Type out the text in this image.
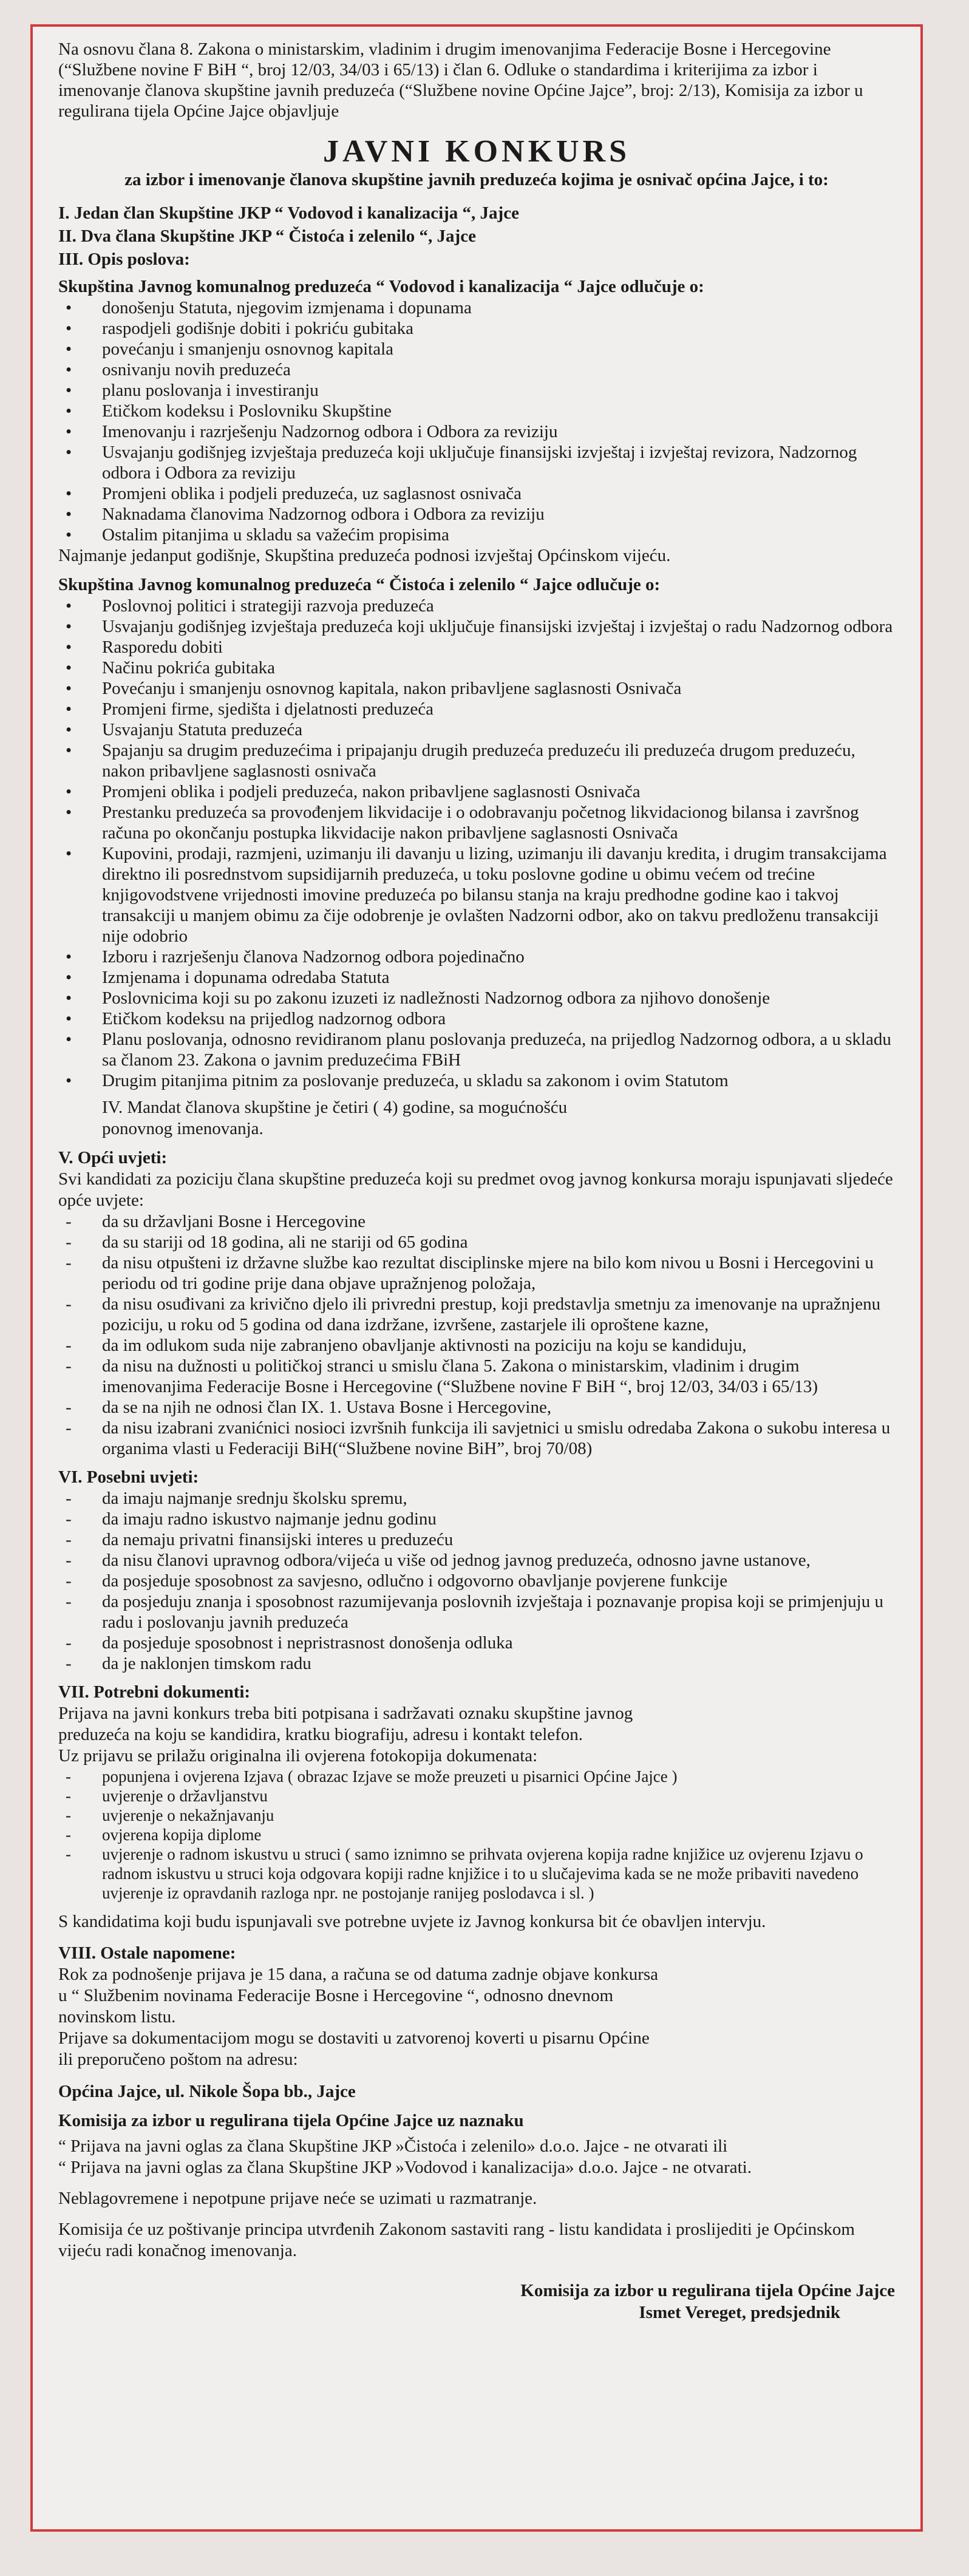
Na osnovu člana 8. Zakona o ministarskim, vladinim i drugim imenovanjima Federacije Bosne i Hercegovine (“Službene novine F BiH “, broj 12/03, 34/03 i 65/13) i član 6. Odluke o standardima i kriterijima za izbor i imenovanje članova skupštine javnih preduzeća (“Službene novine Općine Jajce”, broj: 2/13), Komisija za izbor u regulirana tijela Općine Jajce objavljuje

JAVNI KONKURS
za izbor i imenovanje članova skupštine javnih preduzeća kojima je osnivač općina Jajce, i to:
I. Jedan član Skupštine JKP “ Vodovod i kanalizacija “, Jajce
II. Dva člana Skupštine JKP “ Čistoća i zelenilo “, Jajce
III. Opis poslova:
Skupština Javnog komunalnog preduzeća “ Vodovod i kanalizacija “ Jajce odlučuje o:
• donošenju Statuta, njegovim izmjenama i dopunama
• raspodjeli godišnje dobiti i pokriću gubitaka
• povećanju i smanjenju osnovnog kapitala
• osnivanju novih preduzeća
• planu poslovanja i investiranju
• Etičkom kodeksu i Poslovniku Skupštine
• Imenovanju i razrješenju Nadzornog odbora i Odbora za reviziju
• Usvajanju godišnjeg izvještaja preduzeća koji uključuje finansijski izvještaj i izvještaj revizora, Nadzornog odbora i Odbora za reviziju
• Promjeni oblika i podjeli preduzeća, uz saglasnost osnivača
• Naknadama članovima Nadzornog odbora i Odbora za reviziju
• Ostalim pitanjima u skladu sa važećim propisima

Najmanje jedanput godišnje, Skupština preduzeća podnosi izvještaj Općinskom vijeću.

Skupština Javnog komunalnog preduzeća “ Čistoća i zelenilo “ Jajce odlučuje o:
• Poslovnoj politici i strategiji razvoja preduzeća
• Usvajanju godišnjeg izvještaja preduzeća koji uključuje finansijski izvještaj i izvještaj o radu Nadzornog odbora
• Rasporedu dobiti
• Načinu pokrića gubitaka
• Povećanju i smanjenju osnovnog kapitala, nakon pribavljene saglasnosti Osnivača
• Promjeni firme, sjedišta i djelatnosti preduzeća
• Usvajanju Statuta preduzeća
• Spajanju sa drugim preduzećima i pripajanju drugih preduzeća preduzeću ili preduzeća drugom preduzeću, nakon pribavljene saglasnosti osnivača
• Promjeni oblika i podjeli preduzeća, nakon pribavljene saglasnosti Osnivača
• Prestanku preduzeća sa provođenjem likvidacije i o odobravanju početnog likvidacionog bilansa i završnog računa po okončanju postupka likvidacije nakon pribavljene saglasnosti Osnivača
• Kupovini, prodaji, razmjeni, uzimanju ili davanju u lizing, uzimanju ili davanju kredita, i drugim transakcijama direktno ili posrednstvom supsidijarnih preduzeća, u toku poslovne godine u obimu većem od trećine knjigovodstvene vrijednosti imovine preduzeća po bilansu stanja na kraju predhodne godine kao i takvoj transakciji u manjem obimu za čije odobrenje je ovlašten Nadzorni odbor, ako on takvu predloženu transakciji nije odobrio
• Izboru i razrješenju članova Nadzornog odbora pojedinačno
• Izmjenama i dopunama odredaba Statuta
• Poslovnicima koji su po zakonu izuzeti iz nadležnosti Nadzornog odbora za njihovo donošenje
• Etičkom kodeksu na prijedlog nadzornog odbora
• Planu poslovanja, odnosno revidiranom planu poslovanja preduzeća, na prijedlog Nadzornog odbora, a u skladu sa članom 23. Zakona o javnim preduzećima FBiH
• Drugim pitanjima pitnim za poslovanje preduzeća, u skladu sa zakonom i ovim Statutom

IV. Mandat članova skupštine je četiri ( 4) godine, sa mogućnošću ponovnog imenovanja.

V. Opći uvjeti:

Svi kandidati za poziciju člana skupštine preduzeća koji su predmet ovog javnog konkursa moraju ispunjavati sljedeće

opće uvjete:

- da su državljani Bosne i Hercegovine
- da su stariji od 18 godina, ali ne stariji od 65 godina
- da nisu otpušteni iz državne službe kao rezultat disciplinske mjere na bilo kom nivou u Bosni i Hercegovini u periodu od tri godine prije dana objave upražnjenog položaja,
- da nisu osuđivani za krivično djelo ili privredni prestup, koji predstavlja smetnju za imenovanje na upražnjenu poziciju, u roku od 5 godina od dana izdržane, izvršene, zastarjele ili oproštene kazne,
- da im odlukom suda nije zabranjeno obavljanje aktivnosti na poziciju na koju se kandiduju,
- da nisu na dužnosti u političkoj stranci u smislu člana 5. Zakona o ministarskim, vladinim i drugim imenovanjima Federacije Bosne i Hercegovine (“Službene novine F BiH “, broj 12/03, 34/03 i 65/13)
- da se na njih ne odnosi član IX. 1. Ustava Bosne i Hercegovine,
- da nisu izabrani zvanićnici nosioci izvršnih funkcija ili savjetnici u smislu odredaba Zakona o sukobu interesa u organima vlasti u Federaciji BiH(“Službene novine BiH”, broj 70/08)
VI. Posebni uvjeti:
- da imaju najmanje srednju školsku spremu,
- da imaju radno iskustvo najmanje jednu godinu
- da nemaju privatni finansijski interes u preduzeću
- da nisu članovi upravnog odbora/vijeća u više od jednog javnog preduzeća, odnosno javne ustanove,
- da posjeduje sposobnost za savjesno, odlučno i odgovorno obavljanje povjerene funkcije
- da posjeduju znanja i sposobnost razumijevanja poslovnih izvještaja i poznavanje propisa koji se primjenjuju u radu i poslovanju javnih preduzeća
- da posjeduje sposobnost i nepristrasnost donošenja odluka
- da je naklonjen timskom radu
VII. Potrebni dokumenti:

Prijava na javni konkurs treba biti potpisana i sadržavati oznaku skupštine javnog preduzeća na koju se kandidira, kratku biografiju, adresu i kontakt telefon.

Uz prijavu se prilažu originalna ili ovjerena fotokopija dokumenata:

- popunjena i ovjerena Izjava ( obrazac Izjave se može preuzeti u pisarnici Općine Jajce )
- uvjerenje o državljanstvu
- uvjerenje o nekažnjavanju
- ovjerena kopija diplome
- uvjerenje o radnom iskustvu u struci ( samo iznimno se prihvata ovjerena kopija radne knjižice uz ovjerenu Izjavu o radnom iskustvu u struci koja odgovara kopiji radne knjižice i to u slučajevima kada se ne može pribaviti navedeno uvjerenje iz opravdanih razloga npr. ne postojanje ranijeg poslodavca i sl. )

S kandidatima koji budu ispunjavali sve potrebne uvjete iz Javnog konkursa bit će obavljen intervju.

VIII. Ostale napomene:

Rok za podnošenje prijava je 15 dana, a računa se od datuma zadnje objave konkursa u “ Službenim novinama Federacije Bosne i Hercegovine “, odnosno dnevnom novinskom listu.

Prijave sa dokumentacijom mogu se dostaviti u zatvorenoj koverti u pisarnu Općine ili preporučeno poštom na adresu:

Općina Jajce, ul. Nikole Šopa bb., Jajce

Komisija za izbor u regulirana tijela Općine Jajce uz naznaku

“ Prijava na javni oglas za člana Skupštine JKP »Čistoća i zelenilo» d.o.o. Jajce - ne otvarati ili

“ Prijava na javni oglas za člana Skupštine JKP »Vodovod i kanalizacija» d.o.o. Jajce - ne otvarati.

Neblagovremene i nepotpune prijave neće se uzimati u razmatranje.

Komisija će uz poštivanje principa utvrđenih Zakonom sastaviti rang - listu kandidata i proslijediti je Općinskom vijeću radi konačnog imenovanja.

Komisija za izbor u regulirana tijela Općine Jajce

Ismet Vereget, predsjednik
